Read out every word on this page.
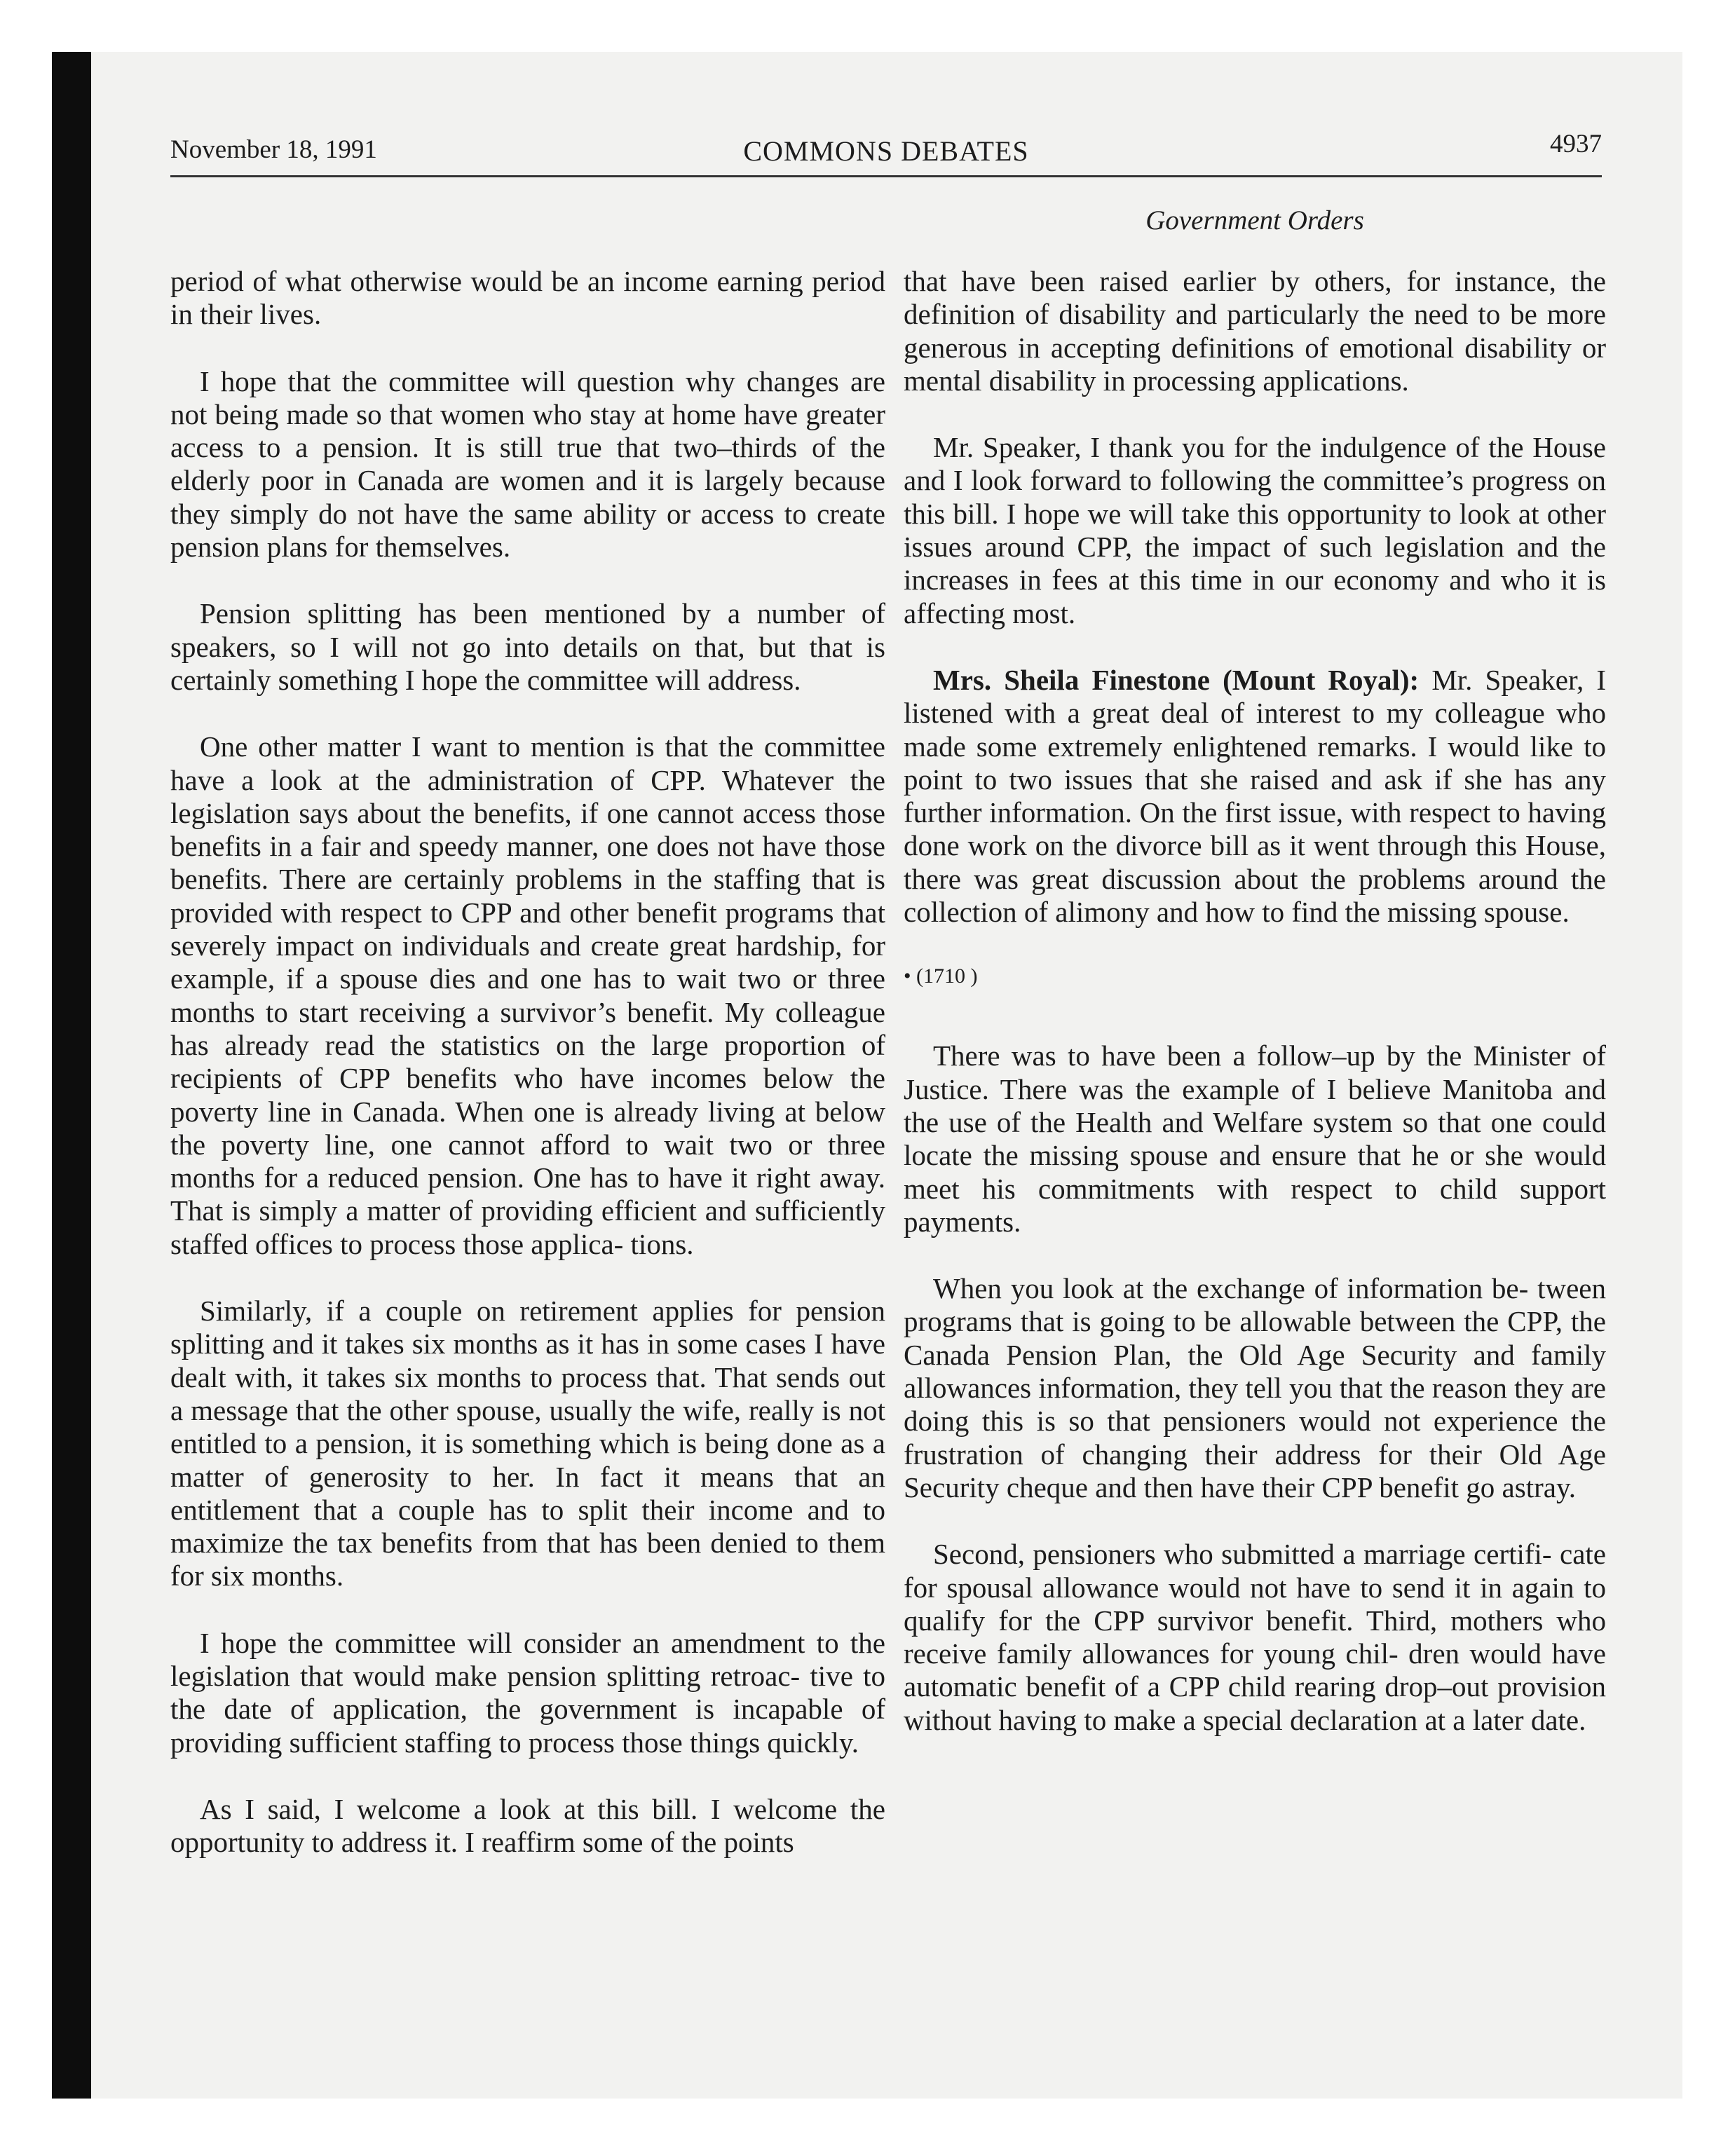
November 18, 1991	COMMONS DEBATES	4937
Government Orders

period of what otherwise would be an income earning period in their lives.

I hope that the committee will question why changes are not being made so that women who stay at home have greater access to a pension. It is still true that two–thirds of the elderly poor in Canada are women and it is largely because they simply do not have the same ability or access to create pension plans for themselves.

Pension splitting has been mentioned by a number of speakers, so I will not go into details on that, but that is certainly something I hope the committee will address.

One other matter I want to mention is that the committee have a look at the administration of CPP. Whatever the legislation says about the benefits, if one cannot access those benefits in a fair and speedy manner, one does not have those benefits. There are certainly problems in the staffing that is provided with respect to CPP and other benefit programs that severely impact on individuals and create great hardship, for example, if a spouse dies and one has to wait two or three months to start receiving a survivor’s benefit. My colleague has already read the statistics on the large proportion of recipients of CPP benefits who have incomes below the poverty line in Canada. When one is already living at below the poverty line, one cannot afford to wait two or three months for a reduced pension. One has to have it right away. That is simply a matter of providing efficient and sufficiently staffed offices to process those applica- tions.

Similarly, if a couple on retirement applies for pension splitting and it takes six months as it has in some cases I have dealt with, it takes six months to process that. That sends out a message that the other spouse, usually the wife, really is not entitled to a pension, it is something which is being done as a matter of generosity to her. In fact it means that an entitlement that a couple has to split their income and to maximize the tax benefits from that has been denied to them for six months.

I hope the committee will consider an amendment to the legislation that would make pension splitting retroac- tive to the date of application, the government is incapable of providing sufficient staffing to process those things quickly.

As I said, I welcome a look at this bill. I welcome the opportunity to address it. I reaffirm some of the points

that have been raised earlier by others, for instance, the definition of disability and particularly the need to be more generous in accepting definitions of emotional disability or mental disability in processing applications.

Mr. Speaker, I thank you for the indulgence of the House and I look forward to following the committee’s progress on this bill. I hope we will take this opportunity to look at other issues around CPP, the impact of such legislation and the increases in fees at this time in our economy and who it is affecting most.

Mrs. Sheila Finestone (Mount Royal): Mr. Speaker, I listened with a great deal of interest to my colleague who made some extremely enlightened remarks. I would like to point to two issues that she raised and ask if she has any further information. On the first issue, with respect to having done work on the divorce bill as it went through this House, there was great discussion about the problems around the collection of alimony and how to find the missing spouse.

• (1710 )

There was to have been a follow–up by the Minister of Justice. There was the example of I believe Manitoba and the use of the Health and Welfare system so that one could locate the missing spouse and ensure that he or she would meet his commitments with respect to child support payments.

When you look at the exchange of information be- tween programs that is going to be allowable between the CPP, the Canada Pension Plan, the Old Age Security and family allowances information, they tell you that the reason they are doing this is so that pensioners would not experience the frustration of changing their address for their Old Age Security cheque and then have their CPP benefit go astray.

Second, pensioners who submitted a marriage certifi- cate for spousal allowance would not have to send it in again to qualify for the CPP survivor benefit. Third, mothers who receive family allowances for young chil- dren would have automatic benefit of a CPP child rearing drop–out provision without having to make a special declaration at a later date.
